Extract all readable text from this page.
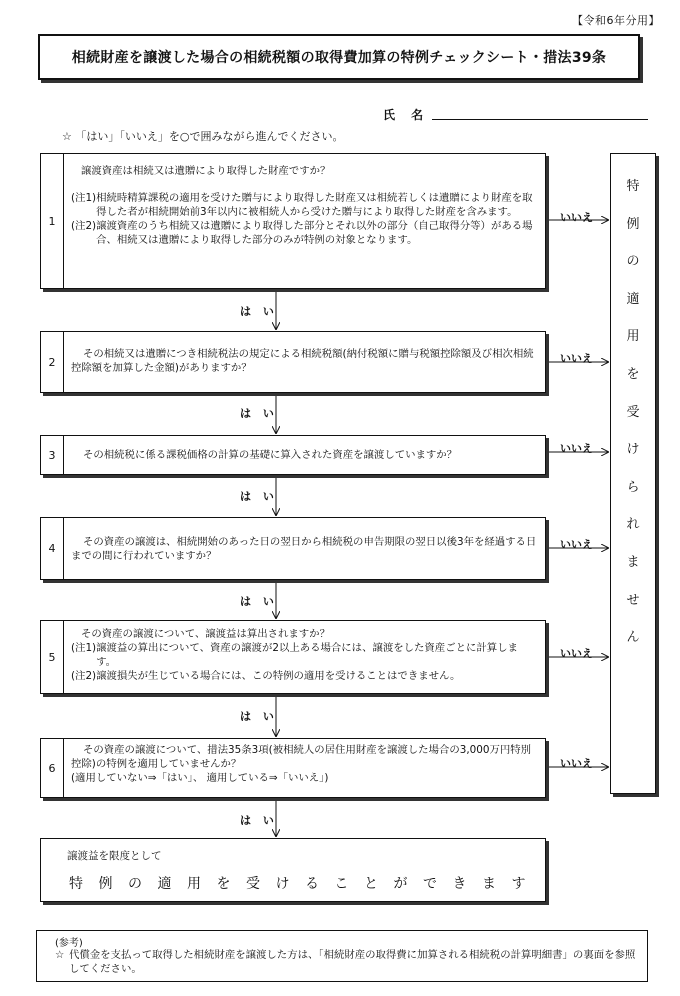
【令和6年分用】
相続財産を譲渡した場合の相続税額の取得費加算の特例チェックシート・措法39条
氏 名
☆ 「はい」「いいえ」を○で囲みながら進んでください。
1

譲渡資産は相続又は遺贈により取得した財産ですか？

(注1) 相続時精算課税の適用を受けた贈与により取得した財産又は相続若しくは遺贈により財産を取得した者が相続開始前3年以内に被相続人から受けた贈与により取得した財産を含みます。
(注2) 譲渡資産のうち相続又は遺贈により取得した部分とそれ以外の部分（自己取得分等）がある場合、相続又は遺贈により取得した部分のみが特例の対象となります。
いいえ
は い
2

その相続又は遺贈につき相続税法の規定による相続税額(納付税額に贈与税額控除額及び相次相続控除額を加算した金額)がありますか？

いいえ
は い
3	その相続税に係る課税価格の計算の基礎に算入された資産を譲渡していますか？	いいえ
は い
4	その資産の譲渡は、相続開始のあった日の翌日から相続税の申告期限の翌日以後3年を経過する日までの間に行われていますか？

いいえ
は い
5

その資産の譲渡について、譲渡益は算出されますか？

(注1) 譲渡益の算出について、資産の譲渡が2以上ある場合には、譲渡をした資産ごとに計算します。
(注2) 譲渡損失が生じている場合には、この特例の適用を受けることはできません。
いいえ
は い
6

その資産の譲渡について、措法35条3項(被相続人の居住用財産を譲渡した場合の3,000万円特別控除)の特例を適用していませんか？

(適用していない⇒「はい」、 適用している⇒「いいえ」)
いいえ
は い
特
例
の
適
用
を
受
け
ら
れ
ま
せ
ん
譲渡益を限度として
特例の適用を受けることができます
(参考)
☆ 代償金を支払って取得した相続財産を譲渡した方は、「相続財産の取得費に加算される相続税の計算明細書」の裏面を参照してください。
